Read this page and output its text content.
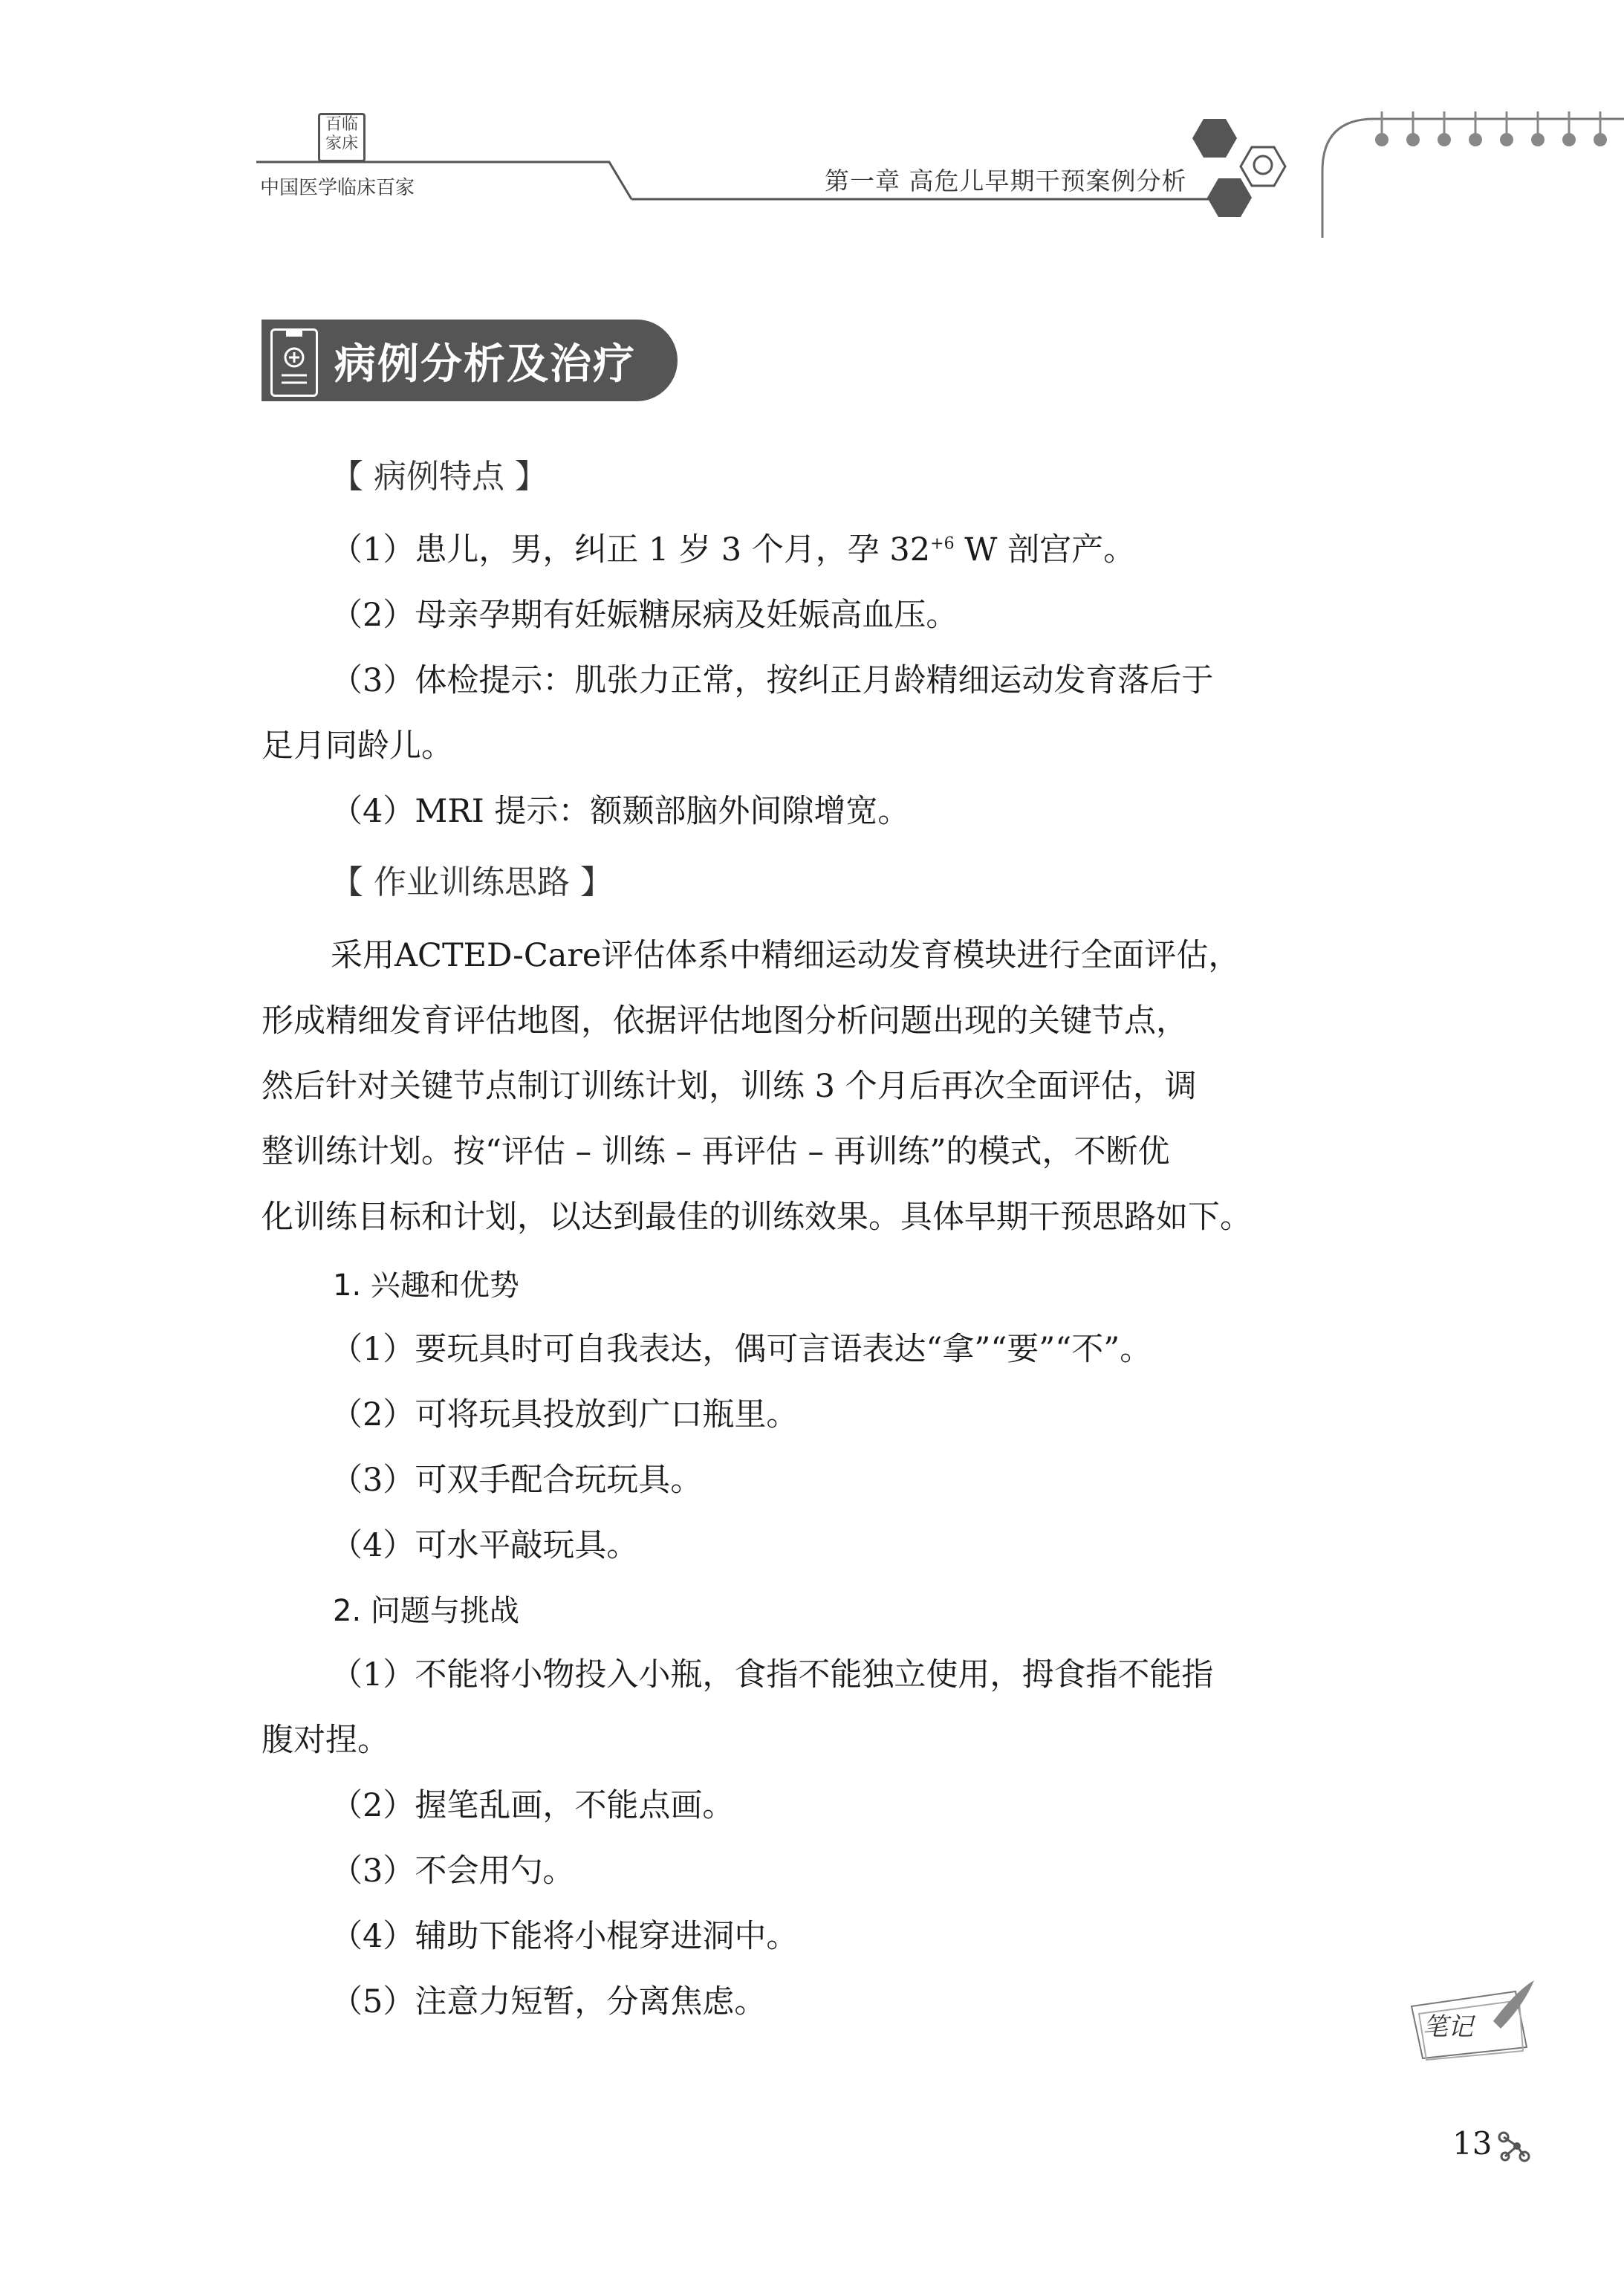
百临家床
中国医学临床百家	第一章 高危儿早期干预案例分析
病例分析及治疗
【 病例特点 】
（1）患儿，男，纠正 1 岁 3 个月，孕 $32^{+6}$ W 剖宫产。
（2）母亲孕期有妊娠糖尿病及妊娠高血压。
（3）体检提示：肌张力正常，按纠正月龄精细运动发育落后于
足月同龄儿。
（4）MRI 提示：额颞部脑外间隙增宽。
【 作业训练思路 】
采用ACTED-Care评估体系中精细运动发育模块进行全面评估，
形成精细发育评估地图，依据评估地图分析问题出现的关键节点，
然后针对关键节点制订训练计划，训练 3 个月后再次全面评估，调
整训练计划。按“评估 – 训练 – 再评估 – 再训练”的模式，不断优
化训练目标和计划，以达到最佳的训练效果。具体早期干预思路如下。
1. 兴趣和优势
（1）要玩具时可自我表达，偶可言语表达“拿”“要”“不”。
（2）可将玩具投放到广口瓶里。
（3）可双手配合玩玩具。
（4）可水平敲玩具。
2. 问题与挑战
（1）不能将小物投入小瓶，食指不能独立使用，拇食指不能指
腹对捏。
（2）握笔乱画，不能点画。
（3）不会用勺。
（4）辅助下能将小棍穿进洞中。
（5）注意力短暂，分离焦虑。
笔记
13
